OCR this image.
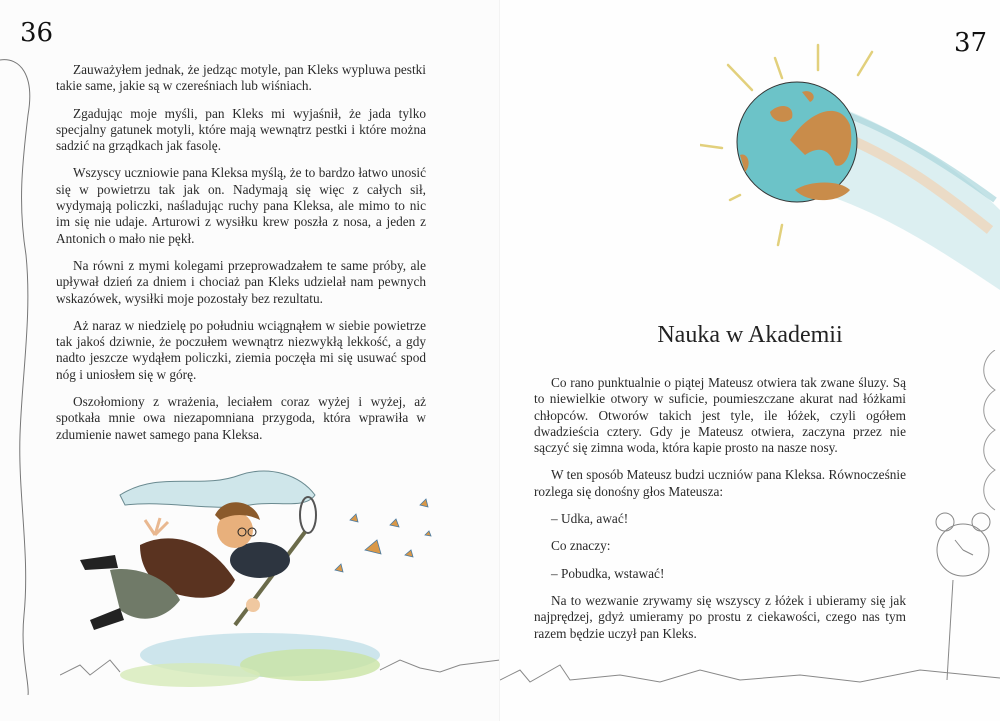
36

Zauważyłem jednak, że jedząc motyle, pan Kleks wypluwa pestki takie same, jakie są w czereśniach lub wiśniach.

Zgadując moje myśli, pan Kleks mi wyjaśnił, że jada tylko specjalny gatunek motyli, które mają wewnątrz pestki i które można sadzić na grządkach jak fasolę.

Wszyscy uczniowie pana Kleksa myślą, że to bardzo łatwo unosić się w powietrzu tak jak on. Nadymają się więc z całych sił, wydymają policzki, naśladując ruchy pana Kleksa, ale mimo to nic im się nie udaje. Arturowi z wysiłku krew poszła z nosa, a jeden z Antonich o mało nie pękł.

Na równi z mymi kolegami przeprowadzałem te same próby, ale upływał dzień za dniem i chociaż pan Kleks udzielał nam pewnych wskazówek, wysiłki moje pozostały bez rezultatu.

Aż naraz w niedzielę po południu wciągnąłem w siebie powietrze tak jakoś dziwnie, że poczułem wewnątrz niezwykłą lekkość, a gdy nadto jeszcze wydąłem policzki, ziemia poczęła mi się usuwać spod nóg i uniosłem się w górę.

Oszołomiony z wrażenia, leciałem coraz wyżej i wyżej, aż spotkała mnie owa niezapomniana przygoda, która wprawiła w zdumienie nawet samego pana Kleksa.

37
Nauka w Akademii

Co rano punktualnie o piątej Mateusz otwiera tak zwane śluzy. Są to niewielkie otwory w suficie, poumieszczane akurat nad łóżkami chłopców. Otworów takich jest tyle, ile łóżek, czyli ogółem dwadzieścia cztery. Gdy je Mateusz otwiera, zaczyna przez nie sączyć się zimna woda, która kapie prosto na nasze nosy.

W ten sposób Mateusz budzi uczniów pana Kleksa. Równocześnie rozlega się donośny głos Mateusza:

– Udka, awać!

Co znaczy:

– Pobudka, wstawać!

Na to wezwanie zrywamy się wszyscy z łóżek i ubieramy się jak najprędzej, gdyż umieramy po prostu z ciekawości, czego nas tym razem będzie uczył pan Kleks.
